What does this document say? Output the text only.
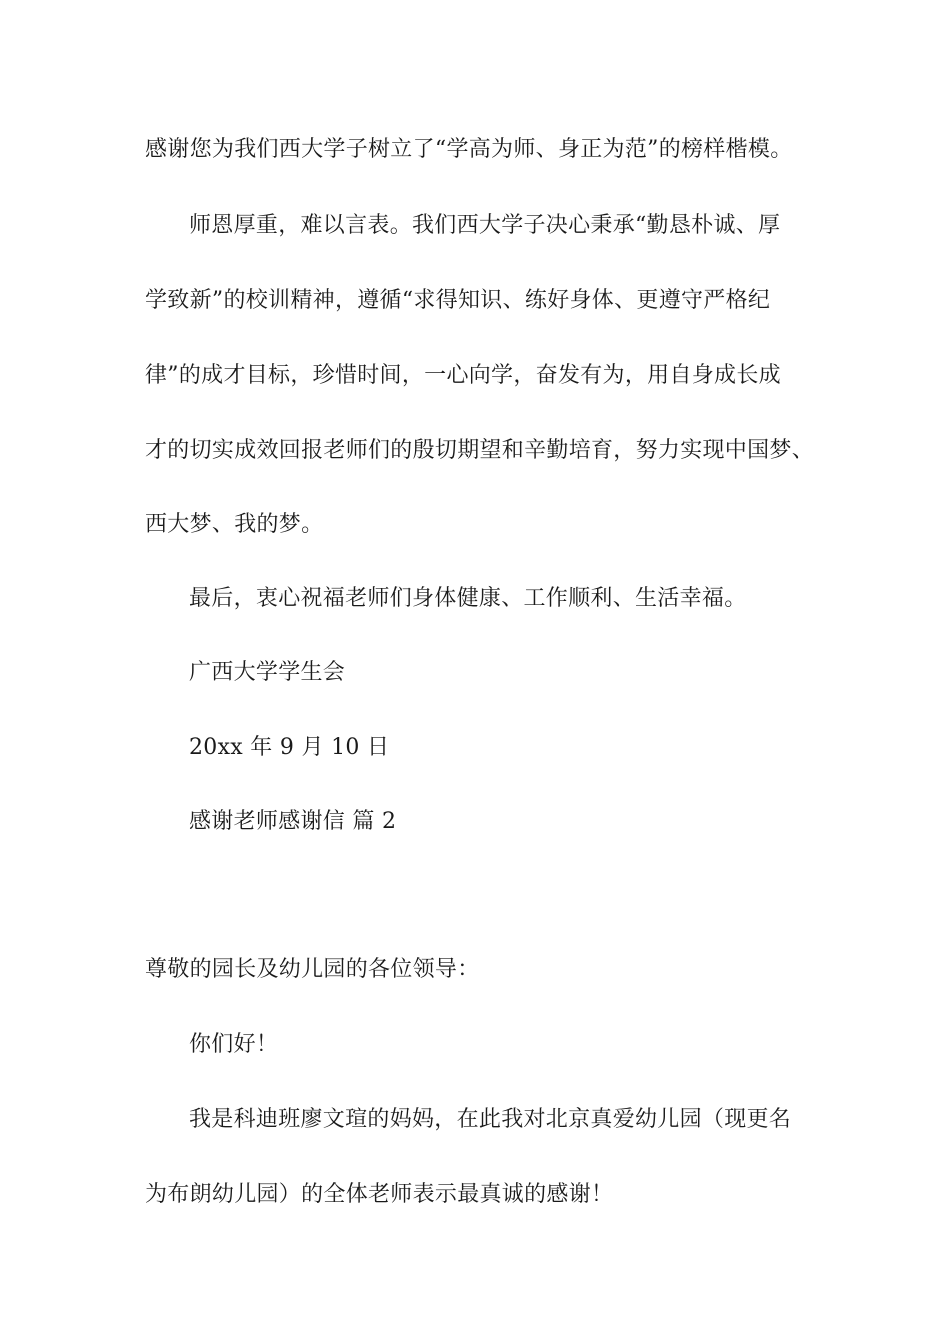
感谢您为我们西大学子树立了“学高为师、身正为范”的榜样楷模。
师恩厚重，难以言表。我们西大学子决心秉承“勤恳朴诚、厚
学致新”的校训精神，遵循“求得知识、练好身体、更遵守严格纪
律”的成才目标，珍惜时间，一心向学，奋发有为，用自身成长成
才的切实成效回报老师们的殷切期望和辛勤培育，努力实现中国梦、
西大梦、我的梦。
最后，衷心祝福老师们身体健康、工作顺利、生活幸福。
广西大学学生会
20xx 年 9 月 10 日
感谢老师感谢信 篇 2
尊敬的园长及幼儿园的各位领导：
你们好！
我是科迪班廖文瑄的妈妈，在此我对北京真爱幼儿园（现更名
为布朗幼儿园）的全体老师表示最真诚的感谢！
